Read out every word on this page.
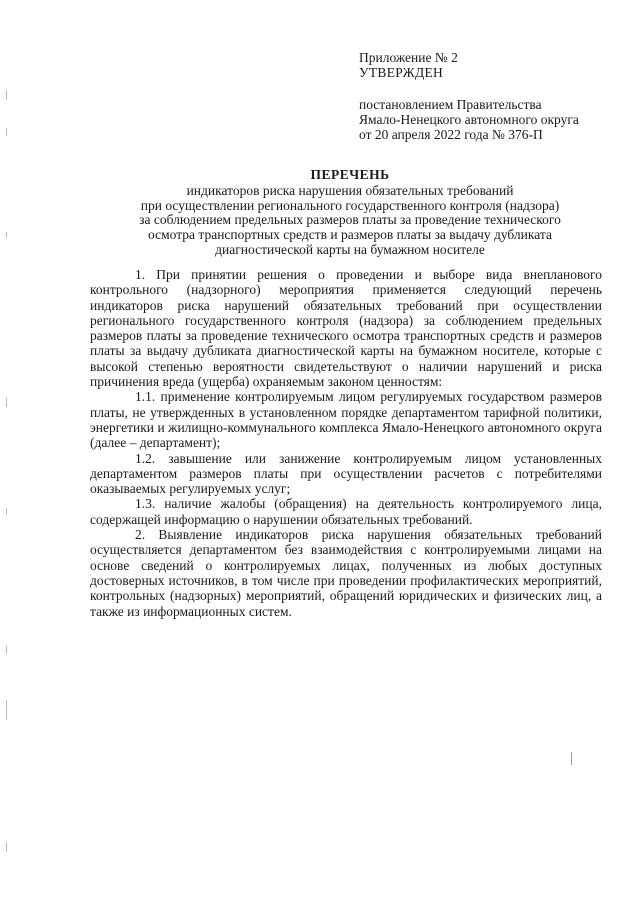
Приложение № 2
УТВЕРЖДЕН
постановлением Правительства
Ямало-Ненецкого автономного округа
от 20 апреля 2022 года № 376-П
ПЕРЕЧЕНЬ
индикаторов риска нарушения обязательных требований
при осуществлении регионального государственного контроля (надзора)
за соблюдением предельных размеров платы за проведение технического
осмотра транспортных средств и размеров платы за выдачу дубликата
диагностической карты на бумажном носителе

1. При принятии решения о проведении и выборе вида внепланового контрольного (надзорного) мероприятия применяется следующий перечень индикаторов риска нарушений обязательных требований при осуществлении регионального государственного контроля (надзора) за соблюдением предельных размеров платы за проведение технического осмотра транспортных средств и размеров платы за выдачу дубликата диагностической карты на бумажном носителе, которые с высокой степенью вероятности свидетельствуют о наличии нарушений и риска причинения вреда (ущерба) охраняемым законом ценностям:

1.1. применение контролируемым лицом регулируемых государством размеров платы, не утвержденных в установленном порядке департаментом тарифной политики, энергетики и жилищно-коммунального комплекса Ямало-Ненецкого автономного округа (далее – департамент);

1.2. завышение или занижение контролируемым лицом установленных департаментом размеров платы при осуществлении расчетов с потребителями оказываемых регулируемых услуг;

1.3. наличие жалобы (обращения) на деятельность контролируемого лица, содержащей информацию о нарушении обязательных требований.

2. Выявление индикаторов риска нарушения обязательных требований осуществляется департаментом без взаимодействия с контролируемыми лицами на основе сведений о контролируемых лицах, полученных из любых доступных достоверных источников, в том числе при проведении профилактических мероприятий, контрольных (надзорных) мероприятий, обращений юридических и физических лиц, а также из информационных систем.
